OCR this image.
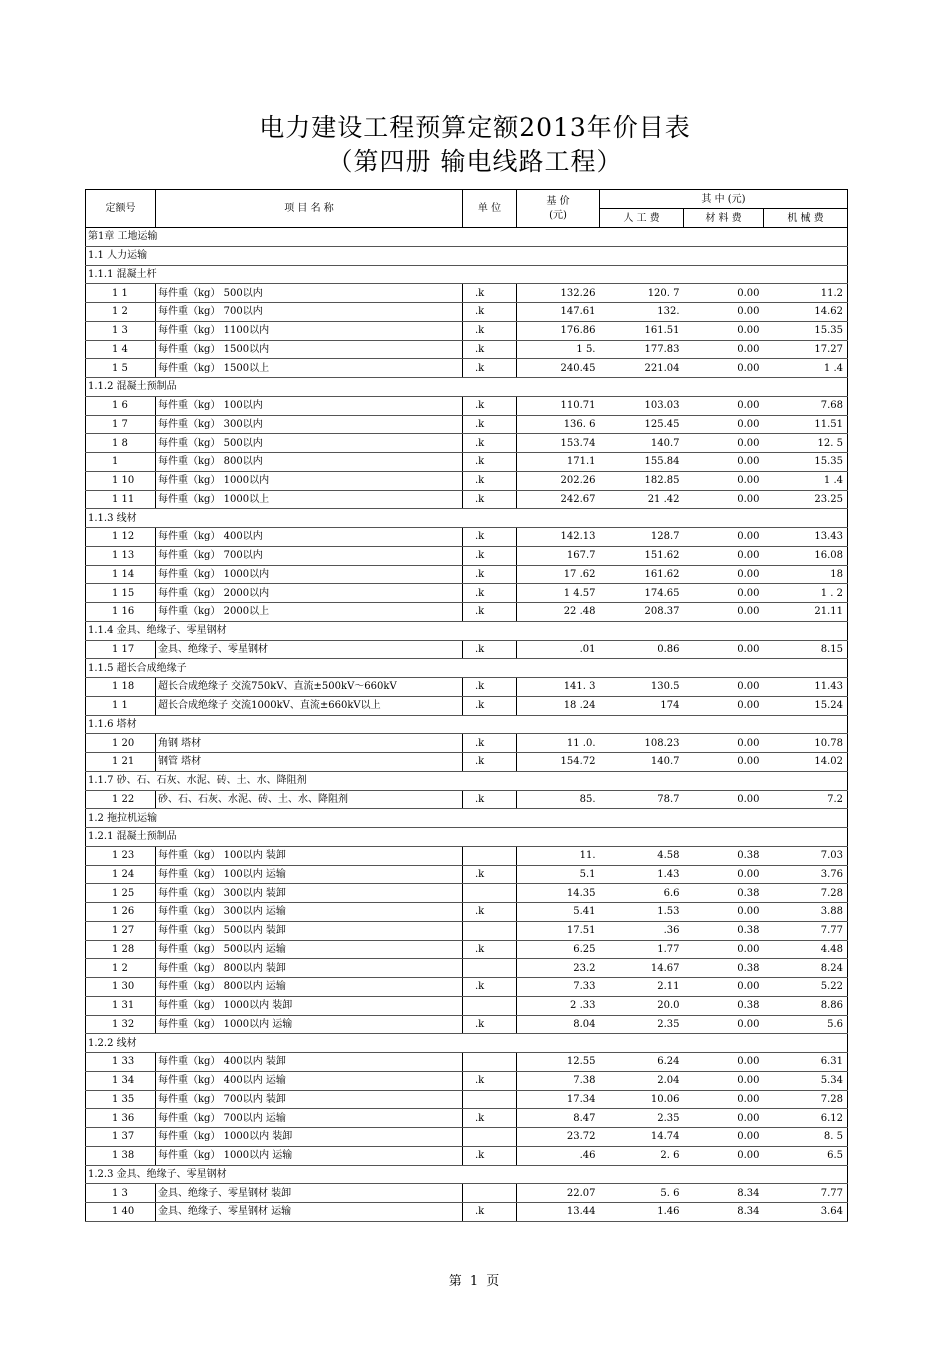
电力建设工程预算定额2013年价目表
（第四册 输电线路工程）
定额号	项 目 名 称	单 位	基 价
(元)	其 中 (元)		
				人 工 费	材 料 费	机 械 费
第1章 工地运输						
1.1 人力运输						
1.1.1 混凝土杆						
1 1	每件重（kg） 500以内	.k	132.26	120. 7	0.00	11.2
1 2	每件重（kg） 700以内	.k	147.61	132.	0.00	14.62
1 3	每件重（kg） 1100以内	.k	176.86	161.51	0.00	15.35
1 4	每件重（kg） 1500以内	.k	1 5.	177.83	0.00	17.27
1 5	每件重（kg） 1500以上	.k	240.45	221.04	0.00	1 .4
1.1.2 混凝土预制品						
1 6	每件重（kg） 100以内	.k	110.71	103.03	0.00	7.68
1 7	每件重（kg） 300以内	.k	136. 6	125.45	0.00	11.51
1 8	每件重（kg） 500以内	.k	153.74	140.7	0.00	12. 5
1	每件重（kg） 800以内	.k	171.1	155.84	0.00	15.35
1 10	每件重（kg） 1000以内	.k	202.26	182.85	0.00	1 .4
1 11	每件重（kg） 1000以上	.k	242.67	21 .42	0.00	23.25
1.1.3 线材						
1 12	每件重（kg） 400以内	.k	142.13	128.7	0.00	13.43
1 13	每件重（kg） 700以内	.k	167.7	151.62	0.00	16.08
1 14	每件重（kg） 1000以内	.k	17 .62	161.62	0.00	18
1 15	每件重（kg） 2000以内	.k	1 4.57	174.65	0.00	1 . 2
1 16	每件重（kg） 2000以上	.k	22 .48	208.37	0.00	21.11
1.1.4 金具、绝缘子、零星钢材						
1 17	金具、绝缘子、零星钢材	.k	.01	0.86	0.00	8.15
1.1.5 超长合成绝缘子						
1 18	超长合成绝缘子 交流750kV、直流±500kV～660kV	.k	141. 3	130.5	0.00	11.43
1 1	超长合成绝缘子 交流1000kV、直流±660kV以上	.k	18 .24	174	0.00	15.24
1.1.6 塔材						
1 20	角钢 塔材	.k	11 .0.	108.23	0.00	10.78
1 21	钢管 塔材	.k	154.72	140.7	0.00	14.02
1.1.7 砂、石、石灰、水泥、砖、土、水、降阻剂						
1 22	砂、石、石灰、水泥、砖、土、水、降阻剂	.k	85.	78.7	0.00	7.2
1.2 拖拉机运输						
1.2.1 混凝土预制品						
1 23	每件重（kg） 100以内 装卸		11.	4.58	0.38	7.03
1 24	每件重（kg） 100以内 运输	.k	5.1	1.43	0.00	3.76
1 25	每件重（kg） 300以内 装卸		14.35	6.6	0.38	7.28
1 26	每件重（kg） 300以内 运输	.k	5.41	1.53	0.00	3.88
1 27	每件重（kg） 500以内 装卸		17.51	.36	0.38	7.77
1 28	每件重（kg） 500以内 运输	.k	6.25	1.77	0.00	4.48
1 2	每件重（kg） 800以内 装卸		23.2	14.67	0.38	8.24
1 30	每件重（kg） 800以内 运输	.k	7.33	2.11	0.00	5.22
1 31	每件重（kg） 1000以内 装卸		2 .33	20.0	0.38	8.86
1 32	每件重（kg） 1000以内 运输	.k	8.04	2.35	0.00	5.6
1.2.2 线材						
1 33	每件重（kg） 400以内 装卸		12.55	6.24	0.00	6.31
1 34	每件重（kg） 400以内 运输	.k	7.38	2.04	0.00	5.34
1 35	每件重（kg） 700以内 装卸		17.34	10.06	0.00	7.28
1 36	每件重（kg） 700以内 运输	.k	8.47	2.35	0.00	6.12
1 37	每件重（kg） 1000以内 装卸		23.72	14.74	0.00	8. 5
1 38	每件重（kg） 1000以内 运输	.k	.46	2. 6	0.00	6.5
1.2.3 金具、绝缘子、零星钢材						
1 3	金具、绝缘子、零星钢材 装卸		22.07	5. 6	8.34	7.77
1 40	金具、绝缘子、零星钢材 运输	.k	13.44	1.46	8.34	3.64
第 1 页
